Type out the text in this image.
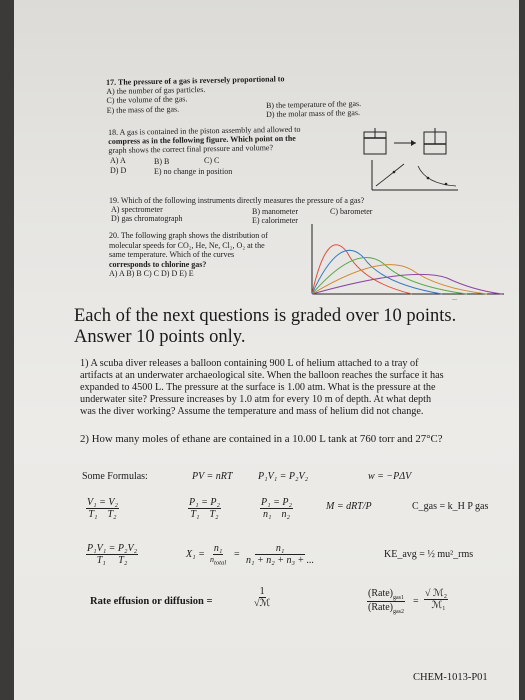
17. The pressure of a gas is reversely proportional to
A) the number of gas particles.
C) the volume of the gas.
E) the mass of the gas.	B) the temperature of the gas.
D) the molar mass of the gas.
18. A gas is contained in the piston assembly and allowed to
compress as in the following figure. Which point on the
graph shows the correct final pressure and volume?
A) A	B) B	C) C
D) D	E) no change in position
19. Which of the following instruments directly measures the pressure of a gas?
A) spectrometer	B) manometer	C) barometer
D) gas chromatograph	E) calorimeter
20. The following graph shows the distribution of
molecular speeds for CO₂, He, Ne, Cl₂, O₂ at the
same temperature. Which of the curves
corresponds to chlorine gas?
A) A B) B C) C D) D E) E
—
Each of the next questions is graded over 10 points.
Answer 10 points only.
1) A scuba diver releases a balloon containing 900 L of helium attached to a tray of
artifacts at an underwater archaeological site. When the balloon reaches the surface it has
expanded to 4500 L. The pressure at the surface is 1.00 atm. What is the pressure at the
underwater site? Pressure increases by 1.0 atm for every 10 m of depth. At what depth
was the diver working? Assume the temperature and mass of helium did not change.
2) How many moles of ethane are contained in a 10.00 L tank at 760 torr and 27°C?
Some Formulas:	PV = nRT	P₁V₁ = P₂V₂	w = −PΔV
$\frac{\text{V₁ = V₂}}{\text{T₁    T₂}}$	$\frac{\text{P₁ = P₂}}{\text{T₁    T₂}}$	$\frac{\text{P₁ = P₂}}{\text{n₁    n₂}}$	M = dRT/P	C_gas = k_H P gas
$\frac{\text{P₁V₁ = P₂V₂}}{\text{T₁     T₂}}$	X₁ =
n₁
$n_{total}$
= $\frac{\text{n₁}}{\text{n₁ + n₂ + n₃ + ...}}$	KE_avg = ½ mu²_rms
Rate effusion or diffusion =
1
√ℳ
$(Rate)_{gas1}$
$(Rate)_{gas2}$
=
√ ℳ₂
ℳ₁
CHEM-1013-P01
